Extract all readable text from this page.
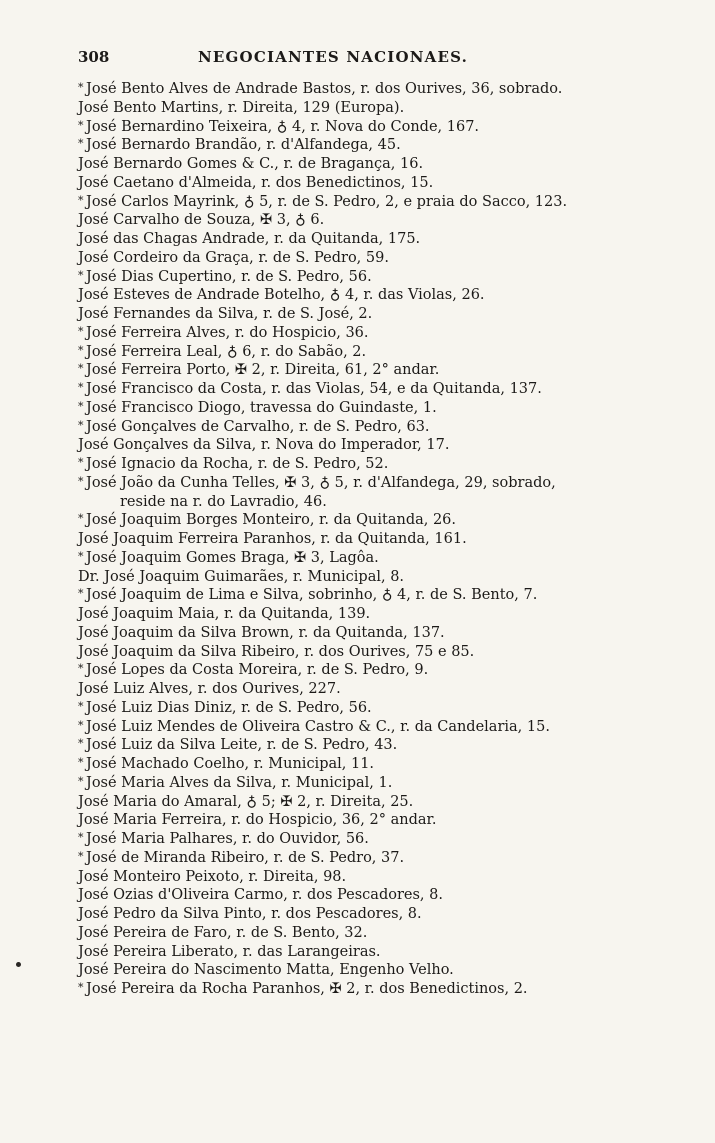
308	NEGOCIANTES NACIONAES.
* José Bento Alves de Andrade Bastos, r. dos Ourives, 36, sobrado.
José Bento Martins, r. Direita, 129 (Europa).
* José Bernardino Teixeira, ♁ 4, r. Nova do Conde, 167.
* José Bernardo Brandão, r. d'Alfandega, 45.
José Bernardo Gomes & C., r. de Bragança, 16.
José Caetano d'Almeida, r. dos Benedictinos, 15.
* José Carlos Mayrink, ♁ 5, r. de S. Pedro, 2, e praia do Sacco, 123.
José Carvalho de Souza, ✠ 3, ♁ 6.
José das Chagas Andrade, r. da Quitanda, 175.
José Cordeiro da Graça, r. de S. Pedro, 59.
* José Dias Cupertino, r. de S. Pedro, 56.
José Esteves de Andrade Botelho, ♁ 4, r. das Violas, 26.
José Fernandes da Silva, r. de S. José, 2.
* José Ferreira Alves, r. do Hospicio, 36.
* José Ferreira Leal, ♁ 6, r. do Sabão, 2.
* José Ferreira Porto, ✠ 2, r. Direita, 61, 2° andar.
* José Francisco da Costa, r. das Violas, 54, e da Quitanda, 137.
* José Francisco Diogo, travessa do Guindaste, 1.
* José Gonçalves de Carvalho, r. de S. Pedro, 63.
José Gonçalves da Silva, r. Nova do Imperador, 17.
* José Ignacio da Rocha, r. de S. Pedro, 52.
* José João da Cunha Telles, ✠ 3, ♁ 5, r. d'Alfandega, 29, sobrado,
reside na r. do Lavradio, 46.
* José Joaquim Borges Monteiro, r. da Quitanda, 26.
José Joaquim Ferreira Paranhos, r. da Quitanda, 161.
* José Joaquim Gomes Braga, ✠ 3, Lagôa.
Dr. José Joaquim Guimarães, r. Municipal, 8.
* José Joaquim de Lima e Silva, sobrinho, ♁ 4, r. de S. Bento, 7.
José Joaquim Maia, r. da Quitanda, 139.
José Joaquim da Silva Brown, r. da Quitanda, 137.
José Joaquim da Silva Ribeiro, r. dos Ourives, 75 e 85.
* José Lopes da Costa Moreira, r. de S. Pedro, 9.
José Luiz Alves, r. dos Ourives, 227.
* José Luiz Dias Diniz, r. de S. Pedro, 56.
* José Luiz Mendes de Oliveira Castro & C., r. da Candelaria, 15.
* José Luiz da Silva Leite, r. de S. Pedro, 43.
* José Machado Coelho, r. Municipal, 11.
* José Maria Alves da Silva, r. Municipal, 1.
José Maria do Amaral, ♁ 5; ✠ 2, r. Direita, 25.
José Maria Ferreira, r. do Hospicio, 36, 2° andar.
* José Maria Palhares, r. do Ouvidor, 56.
* José de Miranda Ribeiro, r. de S. Pedro, 37.
José Monteiro Peixoto, r. Direita, 98.
José Ozias d'Oliveira Carmo, r. dos Pescadores, 8.
José Pedro da Silva Pinto, r. dos Pescadores, 8.
José Pereira de Faro, r. de S. Bento, 32.
José Pereira Liberato, r. das Larangeiras.
José Pereira do Nascimento Matta, Engenho Velho.
* José Pereira da Rocha Paranhos, ✠ 2, r. dos Benedictinos, 2.
